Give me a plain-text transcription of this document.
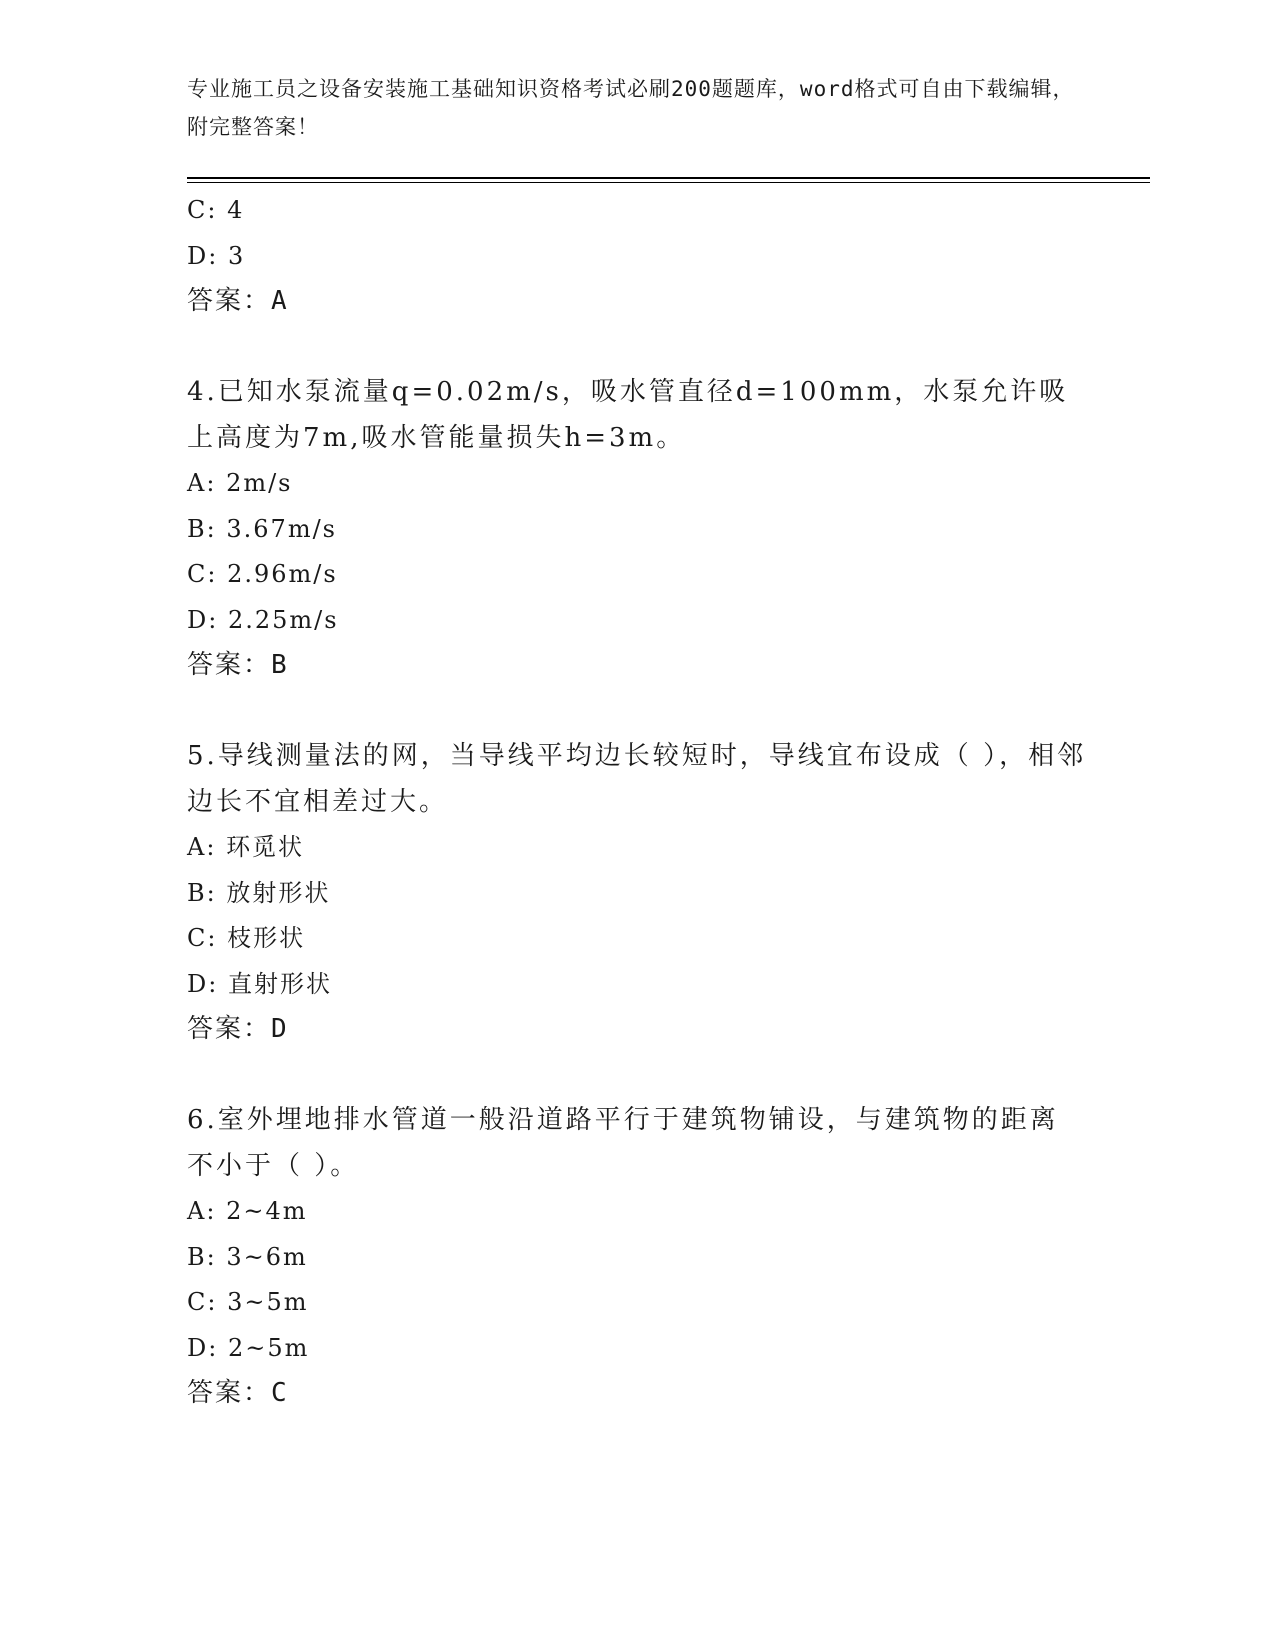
专业施工员之设备安装施工基础知识资格考试必刷200题题库，word格式可自由下载编辑，附完整答案！
C: 4
D: 3
答案：A
4.已知水泵流量q=0.02m/s，吸水管直径d=100mm，水泵允许吸上高度为7m,吸水管能量损失h=3m。
A: 2m/s
B: 3.67m/s
C: 2.96m/s
D: 2.25m/s
答案：B
5.导线测量法的网，当导线平均边长较短时，导线宜布设成（ ），相邻边长不宜相差过大。
A: 环觅状
B: 放射形状
C: 枝形状
D: 直射形状
答案：D
6.室外埋地排水管道一般沿道路平行于建筑物铺设，与建筑物的距离不小于（ ）。
A: 2~4m
B: 3~6m
C: 3~5m
D: 2~5m
答案：C
